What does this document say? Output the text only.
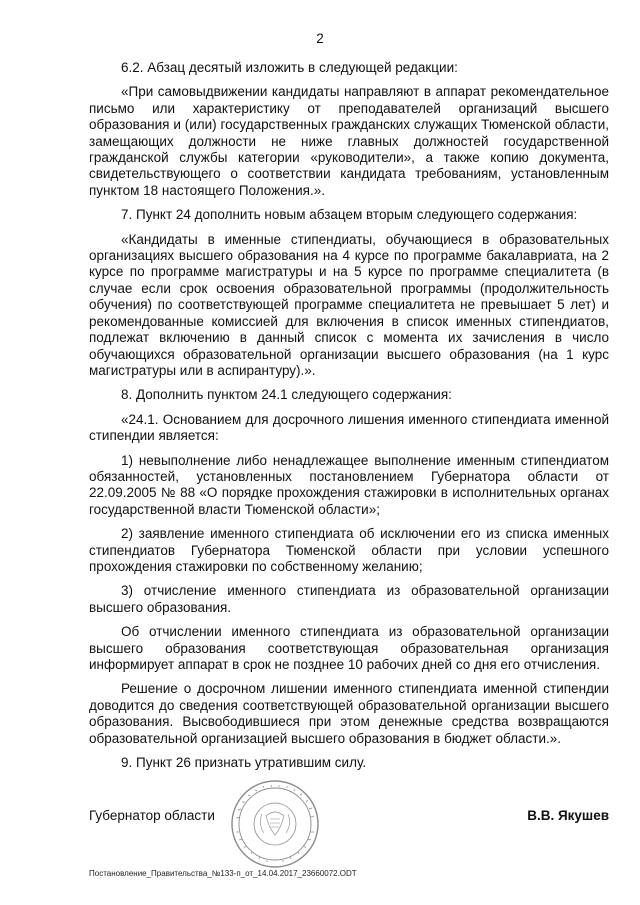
2

6.2. Абзац десятый изложить в следующей редакции:

«При самовыдвижении кандидаты направляют в аппарат рекомендательное письмо или характеристику от преподавателей организаций высшего образования и (или) государственных гражданских служащих Тюменской области, замещающих должности не ниже главных должностей государственной гражданской службы категории «руководители», а также копию документа, свидетельствующего о соответствии кандидата требованиям, установленным пунктом 18 настоящего Положения.».

7. Пункт 24 дополнить новым абзацем вторым следующего содержания:

«Кандидаты в именные стипендиаты, обучающиеся в образовательных организациях высшего образования на 4 курсе по программе бакалавриата, на 2 курсе по программе магистратуры и на 5 курсе по программе специалитета (в случае если срок освоения образовательной программы (продолжительность обучения) по соответствующей программе специалитета не превышает 5 лет) и рекомендованные комиссией для включения в список именных стипендиатов, подлежат включению в данный список с момента их зачисления в число обучающихся образовательной организации высшего образования (на 1 курс магистратуры или в аспирантуру).».

8. Дополнить пунктом 24.1 следующего содержания:

«24.1. Основанием для досрочного лишения именного стипендиата именной стипендии является:

1) невыполнение либо ненадлежащее выполнение именным стипендиатом обязанностей, установленных постановлением Губернатора области от 22.09.2005 № 88 «О порядке прохождения стажировки в исполнительных органах государственной власти Тюменской области»;

2) заявление именного стипендиата об исключении его из списка именных стипендиатов Губернатора Тюменской области при условии успешного прохождения стажировки по собственному желанию;

3) отчисление именного стипендиата из образовательной организации высшего образования.

Об отчислении именного стипендиата из образовательной организации высшего образования соответствующая образовательная организация информирует аппарат в срок не позднее 10 рабочих дней со дня его отчисления.

Решение о досрочном лишении именного стипендиата именной стипендии доводится до сведения соответствующей образовательной организации высшего образования. Высвободившиеся при этом денежные средства возвращаются образовательной организацией высшего образования в бюджет области.».

9. Пункт 26 признать утратившим силу.

Губернатор области	В.В. Якушев
Постановление_Правительства_№133-п_от_14.04.2017_23660072.ODT
